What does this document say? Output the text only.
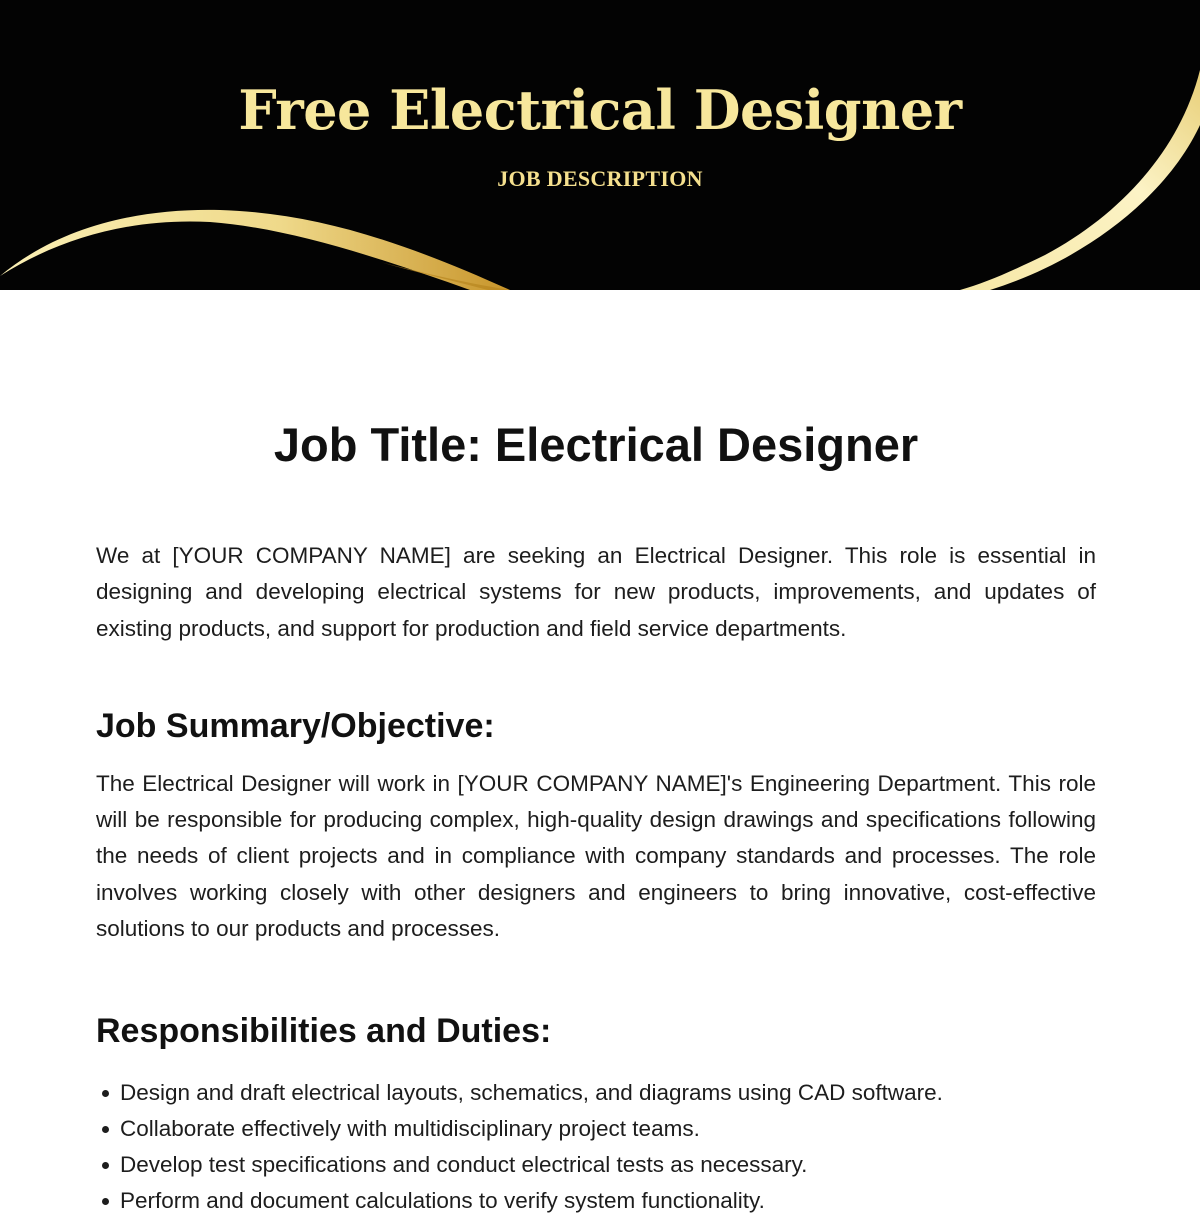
Free Electrical Designer
JOB DESCRIPTION
Job Title: Electrical Designer

We at [YOUR COMPANY NAME] are seeking an Electrical Designer. This role is essential in designing and developing electrical systems for new products, improvements, and updates of existing products, and support for production and field service departments.

Job Summary/Objective:

The Electrical Designer will work in [YOUR COMPANY NAME]'s Engineering Department. This role will be responsible for producing complex, high-quality design drawings and specifications following the needs of client projects and in compliance with company standards and processes. The role involves working closely with other designers and engineers to bring innovative, cost-effective solutions to our products and processes.

Responsibilities and Duties:
Design and draft electrical layouts, schematics, and diagrams using CAD software.
Collaborate effectively with multidisciplinary project teams.
Develop test specifications and conduct electrical tests as necessary.
Perform and document calculations to verify system functionality.
